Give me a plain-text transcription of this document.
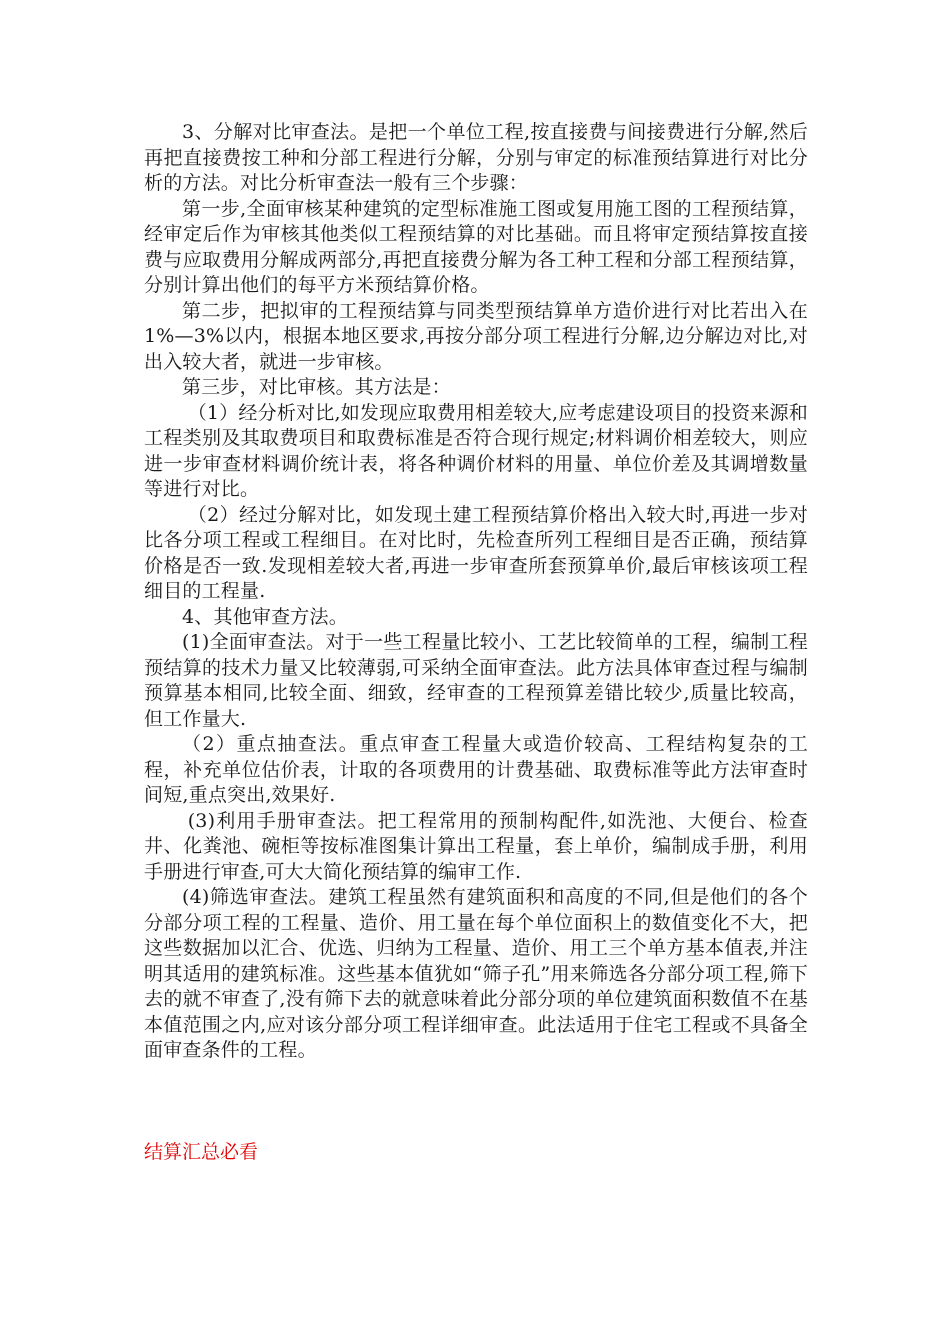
3、分解对比审查法。是把一个单位工程,按直接费与间接费进行分解,然后再把直接费按工种和分部工程进行分解，分别与审定的标准预结算进行对比分析的方法。对比分析审查法一般有三个步骤：

第一步,全面审核某种建筑的定型标准施工图或复用施工图的工程预结算，经审定后作为审核其他类似工程预结算的对比基础。而且将审定预结算按直接费与应取费用分解成两部分,再把直接费分解为各工种工程和分部工程预结算，分别计算出他们的每平方米预结算价格。

第二步，把拟审的工程预结算与同类型预结算单方造价进行对比若出入在1%—3%以内，根据本地区要求,再按分部分项工程进行分解,边分解边对比,对出入较大者，就进一步审核。

第三步，对比审核。其方法是：

（1）经分析对比,如发现应取费用相差较大,应考虑建设项目的投资来源和工程类别及其取费项目和取费标准是否符合现行规定;材料调价相差较大，则应进一步审查材料调价统计表，将各种调价材料的用量、单位价差及其调增数量等进行对比。

（2）经过分解对比，如发现土建工程预结算价格出入较大时,再进一步对比各分项工程或工程细目。在对比时，先检查所列工程细目是否正确，预结算价格是否一致.发现相差较大者,再进一步审查所套预算单价,最后审核该项工程细目的工程量.

4、其他审查方法。

(1)全面审查法。对于一些工程量比较小、工艺比较简单的工程，编制工程预结算的技术力量又比较薄弱,可采纳全面审查法。此方法具体审查过程与编制预算基本相同,比较全面、细致，经审查的工程预算差错比较少,质量比较高，但工作量大.

（2）重点抽查法。重点审查工程量大或造价较高、工程结构复杂的工程，补充单位估价表，计取的各项费用的计费基础、取费标准等此方法审查时间短,重点突出,效果好.

(3)利用手册审查法。把工程常用的预制构配件,如洗池、大便台、检查井、化粪池、碗柜等按标准图集计算出工程量，套上单价，编制成手册，利用手册进行审查,可大大简化预结算的编审工作.

(4)筛选审查法。建筑工程虽然有建筑面积和高度的不同,但是他们的各个分部分项工程的工程量、造价、用工量在每个单位面积上的数值变化不大，把这些数据加以汇合、优选、归纳为工程量、造价、用工三个单方基本值表,并注明其适用的建筑标准。这些基本值犹如“筛子孔”用来筛选各分部分项工程,筛下去的就不审查了,没有筛下去的就意味着此分部分项的单位建筑面积数值不在基本值范围之内,应对该分部分项工程详细审查。此法适用于住宅工程或不具备全面审查条件的工程。

结算汇总必看
